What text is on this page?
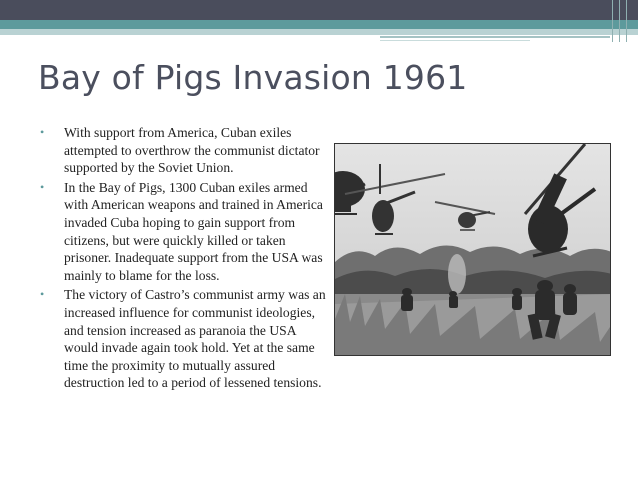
Bay of Pigs Invasion 1961
• With support from America, Cuban exiles attempted to overthrow the communist dictator supported by the Soviet Union.
• In the Bay of Pigs, 1300 Cuban exiles armed with American weapons and trained in America invaded Cuba hoping to gain support from citizens, but were quickly killed or taken prisoner. Inadequate support from the USA was mainly to blame for the loss.
• The victory of Castro’s communist army was an increased influence for communist ideologies, and tension increased as paranoia the USA would invade again took hold. Yet at the same time the proximity to mutually assured destruction led to a period of lessened tensions.
